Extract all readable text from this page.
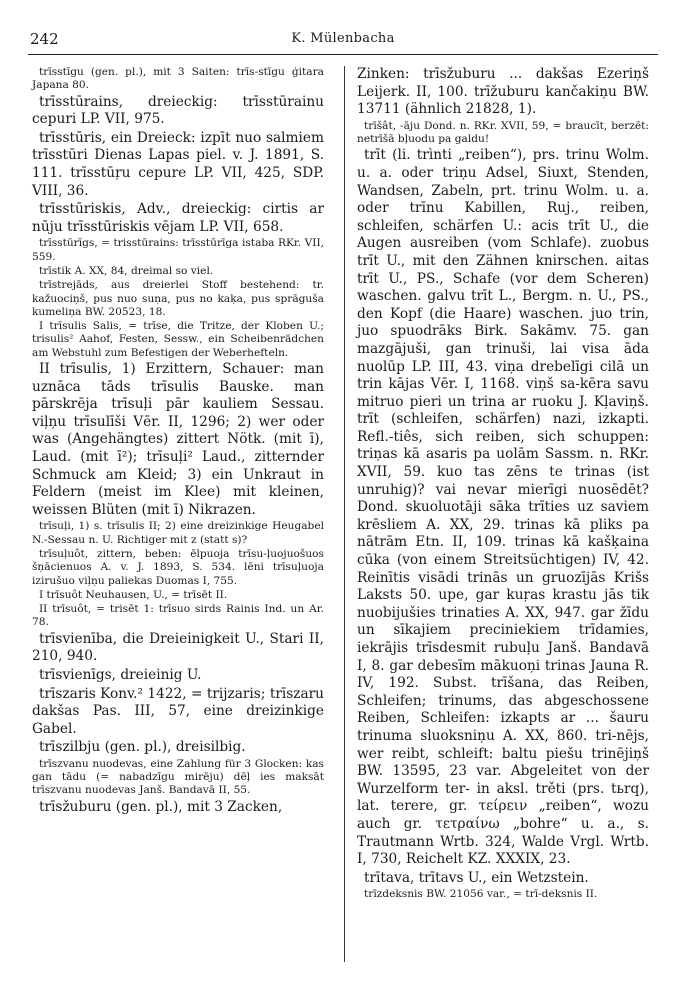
242	K. Mülenbacha

trīsstīgu (gen. pl.), mit 3 Saiten: trīs-stīgu ģitara Japana 80.

trīsstūrains, dreieckig: trīsstūrainu cepuri LP. VII, 975.

trīsstūris, ein Dreieck: izpīt nuo salmiem trīsstūri Dienas Lapas piel. v. J. 1891, S. 111. trīsstūŗu cepure LP. VII, 425, SDP. VIII, 36.

trīsstūriskis, Adv., dreieckig: cirtis ar nūju trīsstūriskis vējam LP. VII, 658.

trīsstūrīgs, = trisstūrains: trīsstūrīga istaba RKr. VII, 559.

trīstik A. XX, 84, dreimal so viel.

trīstrejāds, aus dreierlei Stoff bestehend: tr. kažuociņš, pus nuo suņa, pus no kaķa, pus sprāgušа kumeliņa BW. 20523, 18.

I trīsulis Salis, = trīse, die Tritze, der Kloben U.; trisulis² Aahof, Festen, Sessw., ein Scheibenrädchen am Webstuhl zum Befestigen der Weberhefteln.

II trīsulis, 1) Erzittern, Schauer: man uznāca tāds trīsulis Bauske. man pārskrēja trīsuļi pār kauliem Sessau. viļņu trīsulīši Vēr. II, 1296; 2) wer oder was (Angehängtes) zittert Nötk. (mit ī), Laud. (mit ī²); trīsuļi² Laud., zitternder Schmuck am Kleid; 3) ein Unkraut in Feldern (meist im Klee) mit kleinen, weissen Blüten (mit ī) Nikrazen.

trīsuļi, 1) s. trīsulis II; 2) eine dreizinkige Heugabel N.-Sessau n. U. Richtiger mit z (statt s)?

trīsuļuôt, zittern, beben: ēlpuoja trīsu-ļuojuošuos šņācienuos A. v. J. 1893, S. 534. lēni trīsuļuoja izirušuo viļņu paliekas Duomas I, 755.

I trīsuôt Neuhausen, U., = trīsēt II.

II trīsuôt, = trisēt 1: trīsuo sirds Rainis Ind. un Ar. 78.

trīsvienība, die Dreieinigkeit U., Stari II, 210, 940.

trīsvienīgs, dreieinig U.

trīszaris Konv.² 1422, = trijzaris; trīszaru dakšas Pas. III, 57, eine dreizinkige Gabel.

trīszilbju (gen. pl.), dreisilbig.

trīszvanu nuodevas, eine Zahlung für 3 Glocken: kas gan tādu (= nabadzīgu mirēju) dēļ ies maksāt trīszvanu nuodevas Janš. Bandavā II, 55.

trīsžuburu (gen. pl.), mit 3 Zacken,

Zinken: trīsžuburu ... dakšas Ezeriņš Leijerk. II, 100. trīžuburu kančakiņu BW. 13711 (ähnlich 21828, 1).

trīšât, -āju Dond. n. RKr. XVII, 59, = braucīt, berzēt: netrīšā bļuodu pa galdu!

trīt (li. trìnti „reiben“), prs. trinu Wolm. u. a. oder triņu Adsel, Siuxt, Stenden, Wandsen, Zabeln, prt. trinu Wolm. u. a. oder trīnu Kabillen, Ruj., reiben, schleifen, schärfen U.: acis trīt U., die Augen ausreiben (vom Schlafe). zuobus trīt U., mit den Zähnen knirschen. aitas trīt U., PS., Schafe (vor dem Scheren) waschen. galvu trīt L., Bergm. n. U., PS., den Kopf (die Haare) waschen. juo trin, juo spuodrāks Birk. Sakāmv. 75. gan mazgājuši, gan trinuši, lai visa āda nuolūp LP. III, 43. viņa drebelīgi cilā un trin kājas Vēr. I, 1168. viņš sa-kēra savu mitruo pieri un trina ar ruoku J. Kļaviņš. trīt (schleifen, schärfen) nazi, izkapti. Refl.-tiês, sich reiben, sich schuppen: triņas kā asaris pa uolām Sassm. n. RKr. XVII, 59. kuo tas zēns te trinas (ist unruhig)? vai nevar mierīgi nuosēdēt? Dond. skuoluotāji sāka trīties uz saviem krēsliem A. XX, 29. trinas kā pliks pa nātrām Etn. II, 109. trinas kā kašķaina cūka (von einem Streitsüchtigen) IV, 42. Reinītis visādi trinās un gruozījās Krišs Laksts 50. upe, gar kuŗas krastu jās tik nuobijušies trinaties A. XX, 947. gar žīdu un sīkajiem preciniekiem trīdamies, iekrājis trīsdesmit rubuļu Janš. Bandavā I, 8. gar debesīm mākuoņi trinas Jauna R. IV, 192. Subst. trīšana, das Reiben, Schleifen; trinums, das abgeschossene Reiben, Schleifen: izkapts ar ... šauru trinuma sluoksniņu A. XX, 860. tri-nējs, wer reibt, schleift: baltu piešu trinējiņš BW. 13595, 23 var. Abgeleitet von der Wurzelform ter- in aksl. trěti (prs. tьrq), lat. terere, gr. τείρειν „reiben“, wozu auch gr. τετραίνω „bohre“ u. a., s. Trautmann Wrtb. 324, Walde Vrgl. Wrtb. I, 730, Reichelt KZ. XXXIX, 23.

trītava, trītavs U., ein Wetzstein.

trīzdeksnis BW. 21056 var., = trī-deksnis II.
